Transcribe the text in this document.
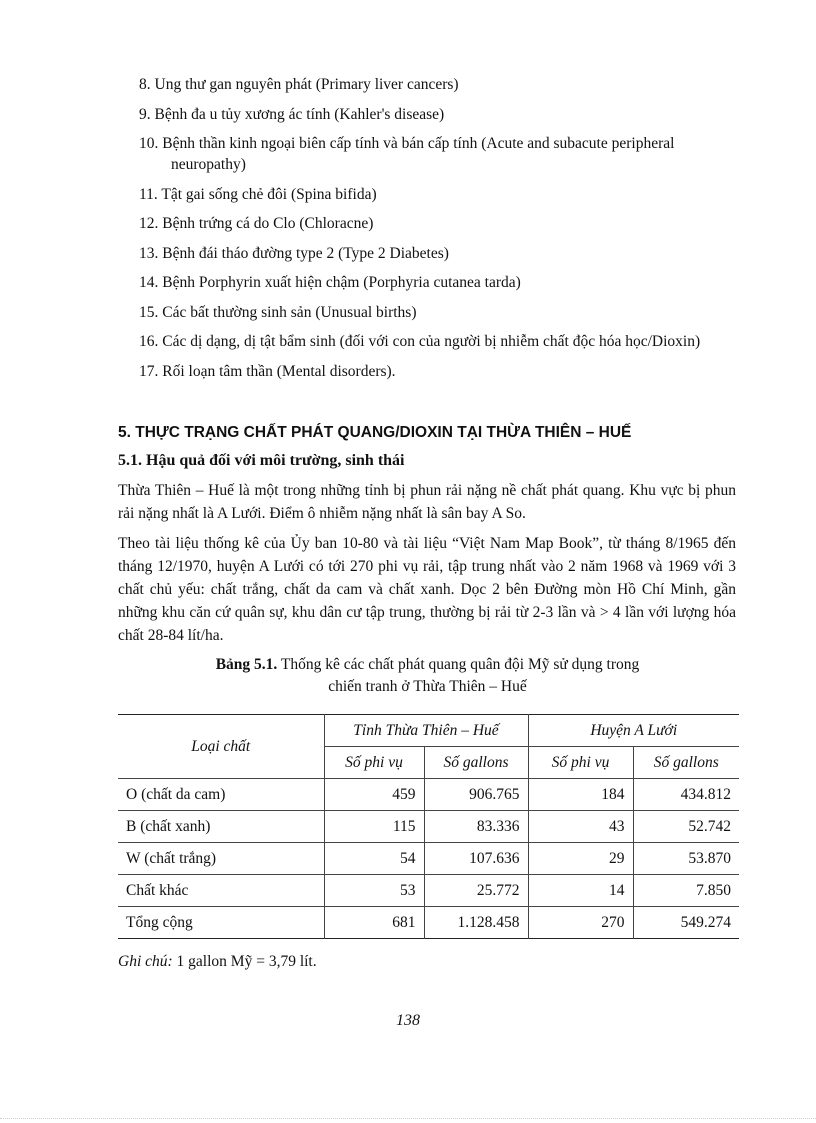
8. Ung thư gan nguyên phát (Primary liver cancers)
9. Bệnh đa u tủy xương ác tính (Kahler's disease)
10. Bệnh thần kinh ngoại biên cấp tính và bán cấp tính (Acute and subacute peripheral neuropathy)
11. Tật gai sống chẻ đôi (Spina bifida)
12. Bệnh trứng cá do Clo (Chloracne)
13. Bệnh đái tháo đường type 2 (Type 2 Diabetes)
14. Bệnh Porphyrin xuất hiện chậm (Porphyria cutanea tarda)
15. Các bất thường sinh sản (Unusual births)
16. Các dị dạng, dị tật bẩm sinh (đối với con của người bị nhiễm chất độc hóa học/Dioxin)
17. Rối loạn tâm thần (Mental disorders).
5. THỰC TRẠNG CHẤT PHÁT QUANG/DIOXIN TẠI THỪA THIÊN – HUẾ
5.1. Hậu quả đối với môi trường, sinh thái

Thừa Thiên – Huế là một trong những tỉnh bị phun rải nặng nề chất phát quang. Khu vực bị phun rải nặng nhất là A Lưới. Điểm ô nhiễm nặng nhất là sân bay A So.

Theo tài liệu thống kê của Ủy ban 10-80 và tài liệu “Việt Nam Map Book”, từ tháng 8/1965 đến tháng 12/1970, huyện A Lưới có tới 270 phi vụ rải, tập trung nhất vào 2 năm 1968 và 1969 với 3 chất chủ yếu: chất trắng, chất da cam và chất xanh. Dọc 2 bên Đường mòn Hồ Chí Minh, gần những khu căn cứ quân sự, khu dân cư tập trung, thường bị rải từ 2-3 lần và > 4 lần với lượng hóa chất 28-84 lít/ha.

Bảng 5.1. Thống kê các chất phát quang quân đội Mỹ sử dụng trong
chiến tranh ở Thừa Thiên – Huế
Loại chất	Tỉnh Thừa Thiên – Huế		Huyện A Lưới	
	Số phi vụ	Số gallons	Số phi vụ	Số gallons
O (chất da cam)	459	906.765	184	434.812
B (chất xanh)	115	83.336	43	52.742
W (chất trắng)	54	107.636	29	53.870
Chất khác	53	25.772	14	7.850
Tổng cộng	681	1.128.458	270	549.274
Ghi chú: 1 gallon Mỹ = 3,79 lít.
138
